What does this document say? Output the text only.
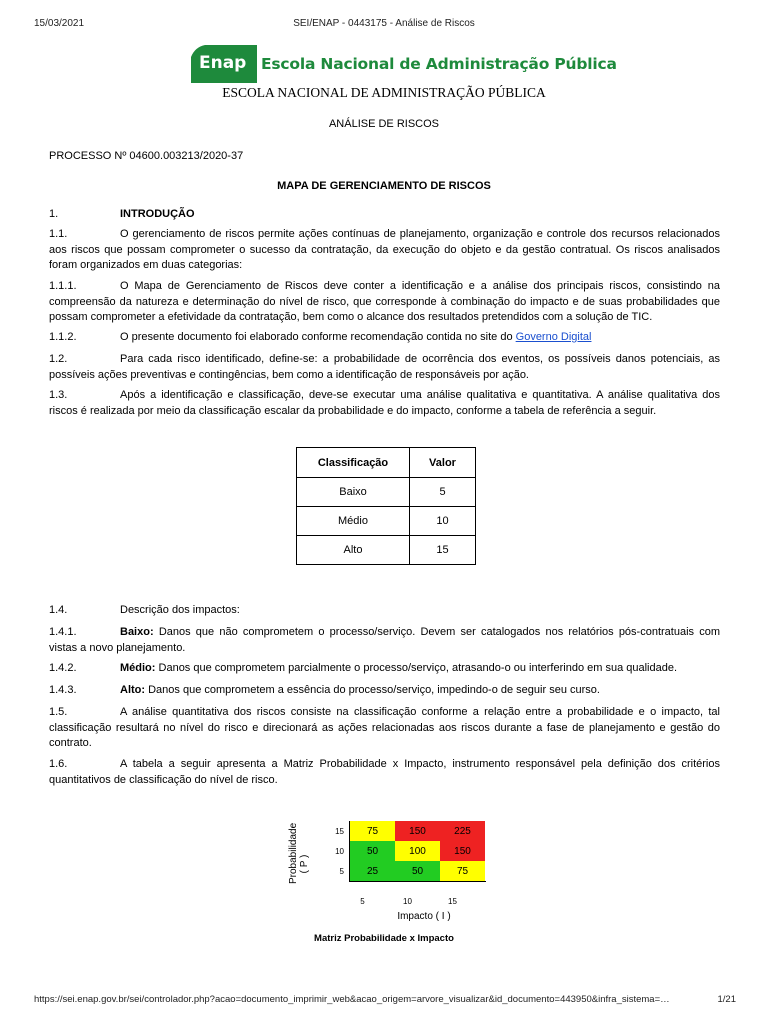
15/03/2021	SEI/ENAP - 0443175 - Análise de Riscos
Enap Escola Nacional de Administração Pública
ESCOLA NACIONAL DE ADMINISTRAÇÃO PÚBLICA
ANÁLISE DE RISCOS
PROCESSO Nº 04600.003213/2020-37
MAPA DE GERENCIAMENTO DE RISCOS
1.	INTRODUÇÃO
1.1.	O gerenciamento de riscos permite ações contínuas de planejamento, organização e controle dos recursos relacionados aos riscos que possam comprometer o sucesso da contratação, da execução do objeto e da gestão contratual. Os riscos analisados foram organizados em duas categorias:
1.1.1.	O Mapa de Gerenciamento de Riscos deve conter a identificação e a análise dos principais riscos, consistindo na compreensão da natureza e determinação do nível de risco, que corresponde à combinação do impacto e de suas probabilidades que possam comprometer a efetividade da contratação, bem como o alcance dos resultados pretendidos com a solução de TIC.
1.1.2.	O presente documento foi elaborado conforme recomendação contida no site do Governo Digital
1.2.	Para cada risco identificado, define-se: a probabilidade de ocorrência dos eventos, os possíveis danos potenciais, as possíveis ações preventivas e contingências, bem como a identificação de responsáveis por ação.
1.3.	Após a identificação e classificação, deve-se executar uma análise qualitativa e quantitativa. A análise qualitativa dos riscos é realizada por meio da classificação escalar da probabilidade e do impacto, conforme a tabela de referência a seguir.
Classificação	Valor
Baixo	5
Médio	10
Alto	15
1.4.	Descrição dos impactos:
1.4.1.	Baixo: Danos que não comprometem o processo/serviço. Devem ser catalogados nos relatórios pós-contratuais com vistas a novo planejamento.
1.4.2.	Médio: Danos que comprometem parcialmente o processo/serviço, atrasando-o ou interferindo em sua qualidade.
1.4.3.	Alto: Danos que comprometem a essência do processo/serviço, impedindo-o de seguir seu curso.
1.5.	A análise quantitativa dos riscos consiste na classificação conforme a relação entre a probabilidade e o impacto, tal classificação resultará no nível do risco e direcionará as ações relacionadas aos riscos durante a fase de planejamento e gestão do contrato.
1.6.	A tabela a seguir apresenta a Matriz Probabilidade x Impacto, instrumento responsável pela definição dos critérios quantitativos de classificação do nível de risco.
Probabilidade
( P )
75	150	225
50	100	150
25	50	75
15
10
5
5	10	15
Impacto ( I )
Matriz Probabilidade x Impacto
https://sei.enap.gov.br/sei/controlador.php?acao=documento_imprimir_web&acao_origem=arvore_visualizar&id_documento=443950&infra_sistema=…	1/21
